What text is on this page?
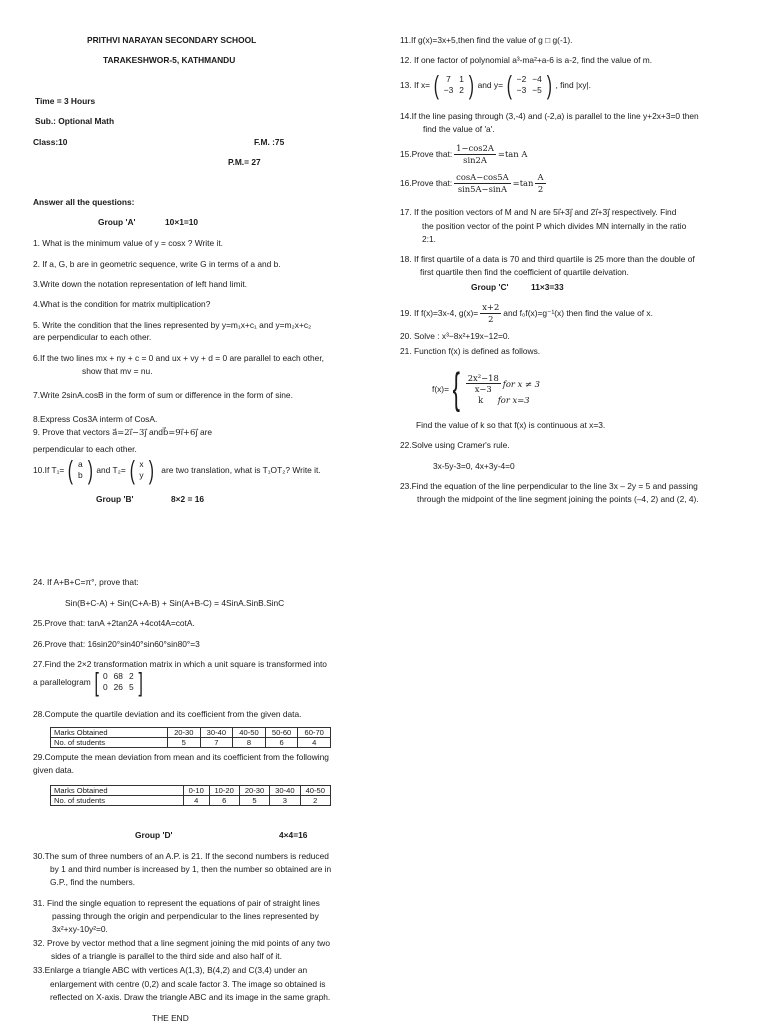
PRITHVI NARAYAN SECONDARY SCHOOL
TARAKESHWOR-5, KATHMANDU
Time = 3 Hours
Sub.: Optional Math
Class:10	F.M. :75
P.M.= 27
Answer all the questions:
Group 'A'	10×1=10
1. What is the minimum value of y = cosx ? Write it.
2. If a, G, b are in geometric sequence, write G in terms of a and b.
3.Write down the notation representation of left hand limit.
4.What is the condition for matrix multiplication?
5. Write the condition that the lines represented by y=m₁x+c₁ and y=m₂x+c₂
are perpendicular to each other.
6.If the two lines mx + ny + c = 0 and ux + vy + d = 0 are parallel to each other,
show that mv = nu.
7.Write 2sinA.cosB in the form of sum or difference in the form of sine.
8.Express Cos3A interm of CosA.
9. Prove that vectors a⃗=2i⃗−3j⃗ andb⃗=9i⃗+6j⃗ are
perpendicular to each other.
10.If T₁= ( a
b ) and T₂= ( x
y ) are two translation, what is T₁OT₂? Write it.
Group 'B'	8×2 = 16
11.If g(x)=3x+5,then find the value of g □ g(-1).
12. If one factor of polynomial a³-ma²+a-6 is a-2, find the value of m.
13. If x= ( 7	1
−3	2 ) and y= ( −2	−4
−3	−5 ) , find |xy|.
14.If the line pasing through (3,-4) and (-2,a) is parallel to the line y+2x+3=0 then
find the value of 'a'.
15.Prove that: $\frac{1-\cos 2A}{\sin 2A} =\tan$ A
16.Prove that: $\frac{\cos A-\cos 5A}{\sin 5A-\sin A} =\tan \frac{A}{2}$
17. If the position vectors of M and N are 5i⃗+3j⃗ and 2i⃗+3j⃗ respectively. Find
the position vector of the point P which divides MN internally in the ratio
2:1.
18. If first quartile of a data is 70 and third quartile is 25 more than the double of
first quartile then find the coefficient of quartile deivation.
Group 'C'	11×3=33
19. If f(x)=3x-4, $g(x)= \frac{x+2}{2}$ and f₀f(x)=g⁻¹(x) then find the value of x.
20. Solve : x³−8x²+19x−12=0.
21. Function f(x) is defined as follows.
f(x)= { $\frac{\text{2x²−18}}{x-3}$ for x ≠ 3
k	for x=3
Find the value of k so that f(x) is continuous at x=3.
22.Solve using Cramer's rule.
3x-5y-3=0, 4x+3y-4=0
23.Find the equation of the line perpendicular to the line 3x – 2y = 5 and passing
through the midpoint of the line segment joining the points (–4, 2) and (2, 4).
24. If A+B+C=π°, prove that:
Sin(B+C-A) + Sin(C+A-B) + Sin(A+B-C) = 4SinA.SinB.SinC
25.Prove that: tanA +2tan2A +4cot4A=cotA.
26.Prove that: 16sin20°sin40°sin60°sin80°=3
27.Find the 2×2 transformation matrix in which a unit square is transformed into
a parallelogram [ 0	68	2
0	26	5 ]
28.Compute the quartile deviation and its coefficient from the given data.
Marks Obtained	20-30	30-40	40-50	50-60	60-70
No. of students	5	7	8	6	4
29.Compute the mean deviation from mean and its coefficient from the following
given data.
Marks Obtained	0-10	10-20	20-30	30-40	40-50
No. of students	4	6	5	3	2
Group 'D'	4×4=16
30.The sum of three numbers of an A.P. is 21. If the second numbers is reduced
by 1 and third number is increased by 1, then the number so obtained are in
G.P., find the numbers.
31. Find the single equation to represent the equations of pair of straight lines
passing through the origin and perpendicular to the lines represented by
3x²+xy-10y²=0.
32. Prove by vector method that a line segment joining the mid points of any two
sides of a triangle is parallel to the third side and also half of it.
33.Enlarge a triangle ABC with vertices A(1,3), B(4,2) and C(3,4) under an
enlargement with centre (0,2) and scale factor 3. The image so obtained is
reflected on X-axis. Draw the triangle ABC and its image in the same graph.
THE END
